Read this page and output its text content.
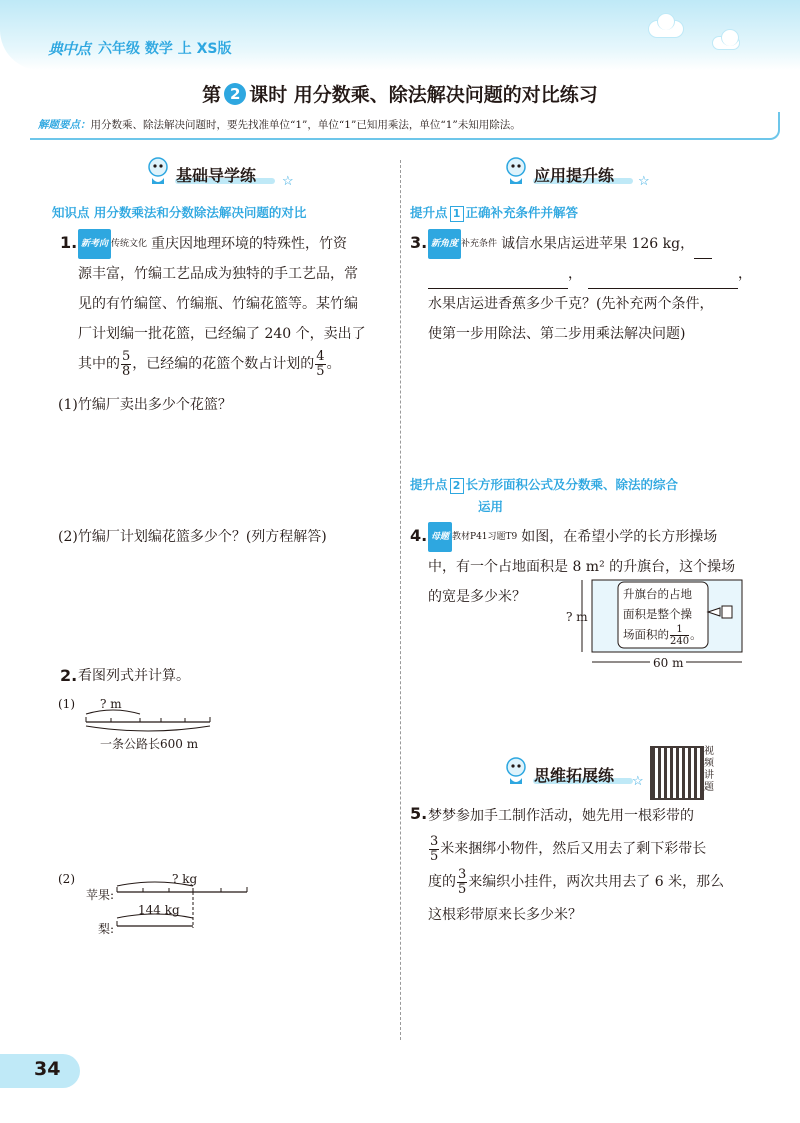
典中点 六年级 数学 上 XS版
第 2 课时 用分数乘、除法解决问题的对比练习
解题要点：用分数乘、除法解决问题时，要先找准单位“1”，单位“1”已知用乘法，单位“1”未知用除法。
基础导学练 ☆
知识点 用分数乘法和分数除法解决问题的对比
1. 新考向 传统文化 重庆因地理环境的特殊性，竹资
源丰富，竹编工艺品成为独特的手工艺品，常
见的有竹编筐、竹编瓶、竹编花篮等。某竹编
厂计划编一批花篮，已经编了 240 个，卖出了
其中的 $\frac{5}{8}$ ，已经编的花篮个数占计划的 $\frac{4}{5}$ 。
(1)竹编厂卖出多少个花篮？
(2)竹编厂计划编花篮多少个？(列方程解答)
2. 看图列式并计算。
(1) ? m
一条公路长600 m
(2)	? kg
苹果:
梨:
144 kg
应用提升练 ☆
提升点 1 正确补充条件并解答
3. 新角度 补充条件 诚信水果店运进苹果 126 kg，
，	，
水果店运进香蕉多少千克？(先补充两个条件，
使第一步用除法、第二步用乘法解决问题)
提升点 2 长方形面积公式及分数乘、除法的综合
运用
4. 母题 教材P41习题T9 如图，在希望小学的长方形操场
中，有一个占地面积是 8 m² 的升旗台，这个操场
的宽是多少米？
? m
60 m
升旗台的占地
面积是整个操
场面积的 $\frac{1}{240}$ 。
思维拓展练 ☆
视频讲题
5. 梦梦参加手工制作活动，她先用一根彩带的

$\frac{3}{5}$ 米来捆绑小物件，然后又用去了剩下彩带长
度的 $\frac{3}{5}$ 来编织小挂件，两次共用去了 6 米，那么
这根彩带原来长多少米？
34
